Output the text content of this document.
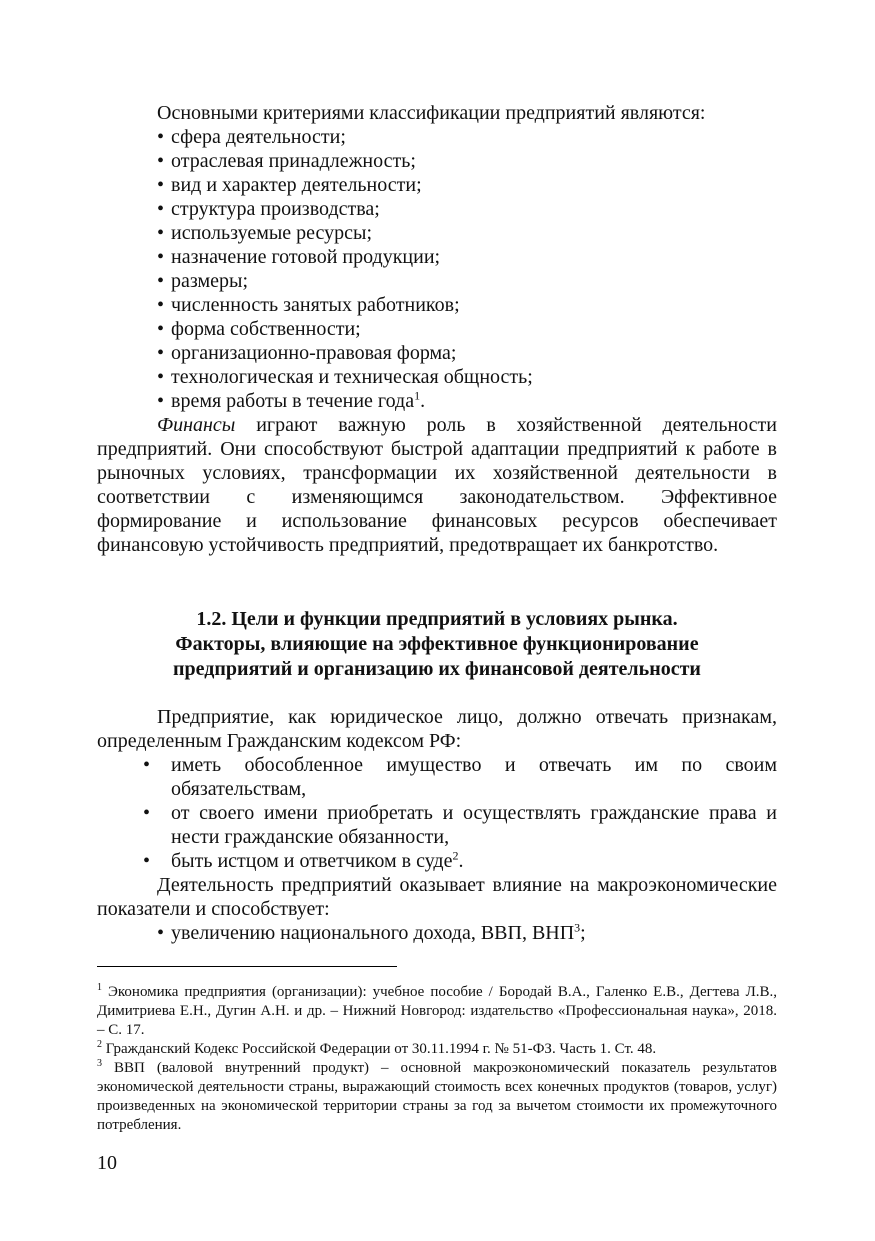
Основными критериями классификации предприятий являются:

• сфера деятельности;

• отраслевая принадлежность;

• вид и характер деятельности;

• структура производства;

• используемые ресурсы;

• назначение готовой продукции;

• размеры;

• численность занятых работников;

• форма собственности;

• организационно-правовая форма;

• технологическая и техническая общность;

• время работы в течение года$^1$.

Финансы играют важную роль в хозяйственной деятельности предприятий. Они способствуют быстрой адаптации предприятий к работе в рыночных условиях, трансформации их хозяйственной деятельности в соответствии с изменяющимся законодательством. Эффективное формирование и использование финансовых ресурсов обеспечивает финансовую устойчивость предприятий, предотвращает их банкротство.

1.2. Цели и функции предприятий в условиях рынка.
Факторы, влияющие на эффективное функционирование
предприятий и организацию их финансовой деятельности

Предприятие, как юридическое лицо, должно отвечать признакам, определенным Гражданским кодексом РФ:

• иметь обособленное имущество и отвечать им по своим обязательствам,

• от своего имени приобретать и осуществлять гражданские права и нести гражданские обязанности,

• быть истцом и ответчиком в суде$^2$.

Деятельность предприятий оказывает влияние на макроэкономические показатели и способствует:

• увеличению национального дохода, ВВП, ВНП$^3$;

$^1$ Экономика предприятия (организации): учебное пособие / Бородай В.А., Галенко Е.В., Дегтева Л.В., Димитриева Е.Н., Дугин А.Н. и др. – Нижний Новгород: издательство «Профессиональная наука», 2018. – С. 17.

$^2$ Гражданский Кодекс Российской Федерации от 30.11.1994 г. № 51-ФЗ. Часть 1. Ст. 48.

$^3$ ВВП (валовой внутренний продукт) – основной макроэкономический показатель результатов экономической деятельности страны, выражающий стоимость всех конечных продуктов (товаров, услуг) произведенных на экономической территории страны за год за вычетом стоимости их промежуточного потребления.

10
